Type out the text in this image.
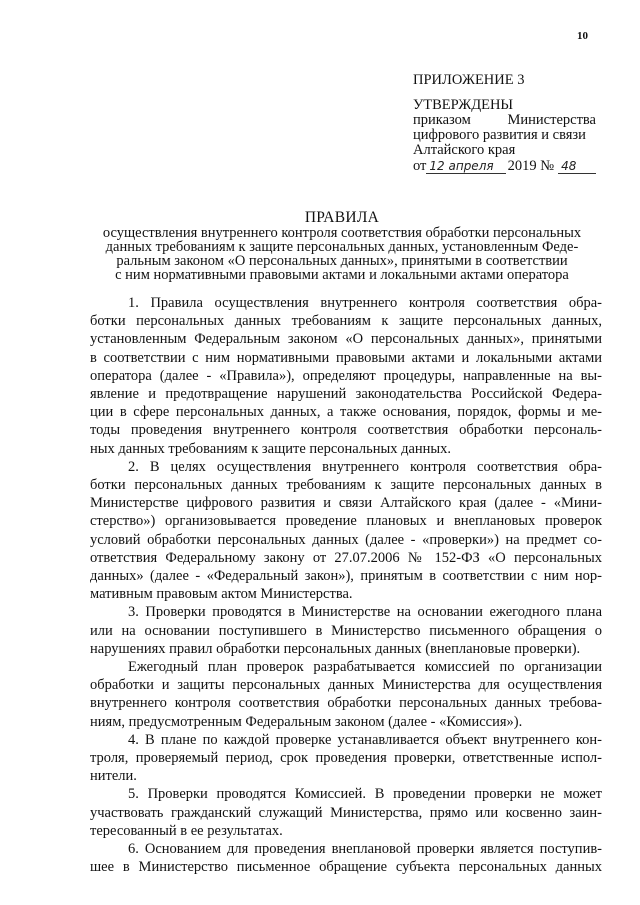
10
ПРИЛОЖЕНИЕ 3
УТВЕРЖДЕНЫ
приказом	Министерства
цифрового развития и связи
Алтайского края
от 12 апреля 2019 № 48
ПРАВИЛА
осуществления внутреннего контроля соответствия обработки персональных
данных требованиям к защите персональных данных, установленным Феде-
ральным законом «О персональных данных», принятыми в соответствии
с ним нормативными правовыми актами и локальными актами оператора
1. Правила осуществления внутреннего контроля соответствия обра-
ботки персональных данных требованиям к защите персональных данных,
установленным Федеральным законом «О персональных данных», принятыми
в соответствии с ним нормативными правовыми актами и локальными актами
оператора (далее - «Правила»), определяют процедуры, направленные на вы-
явление и предотвращение нарушений законодательства Российской Федера-
ции в сфере персональных данных, а также основания, порядок, формы и ме-
тоды проведения внутреннего контроля соответствия обработки персональ-
ных данных требованиям к защите персональных данных.
2. В целях осуществления внутреннего контроля соответствия обра-
ботки персональных данных требованиям к защите персональных данных в
Министерстве цифрового развития и связи Алтайского края (далее - «Мини-
стерство») организовывается проведение плановых и внеплановых проверок
условий обработки персональных данных (далее - «проверки») на предмет со-
ответствия Федеральному закону от 27.07.2006 № 152-ФЗ «О персональных
данных» (далее - «Федеральный закон»), принятым в соответствии с ним нор-
мативным правовым актом Министерства.
3. Проверки проводятся в Министерстве на основании ежегодного плана
или на основании поступившего в Министерство письменного обращения о
нарушениях правил обработки персональных данных (внеплановые проверки).
Ежегодный план проверок разрабатывается комиссией по организации
обработки и защиты персональных данных Министерства для осуществления
внутреннего контроля соответствия обработки персональных данных требова-
ниям, предусмотренным Федеральным законом (далее - «Комиссия»).
4. В плане по каждой проверке устанавливается объект внутреннего кон-
троля, проверяемый период, срок проведения проверки, ответственные испол-
нители.
5. Проверки проводятся Комиссией. В проведении проверки не может
участвовать гражданский служащий Министерства, прямо или косвенно заин-
тересованный в ее результатах.
6. Основанием для проведения внеплановой проверки является поступив-
шее в Министерство письменное обращение субъекта персональных данных
